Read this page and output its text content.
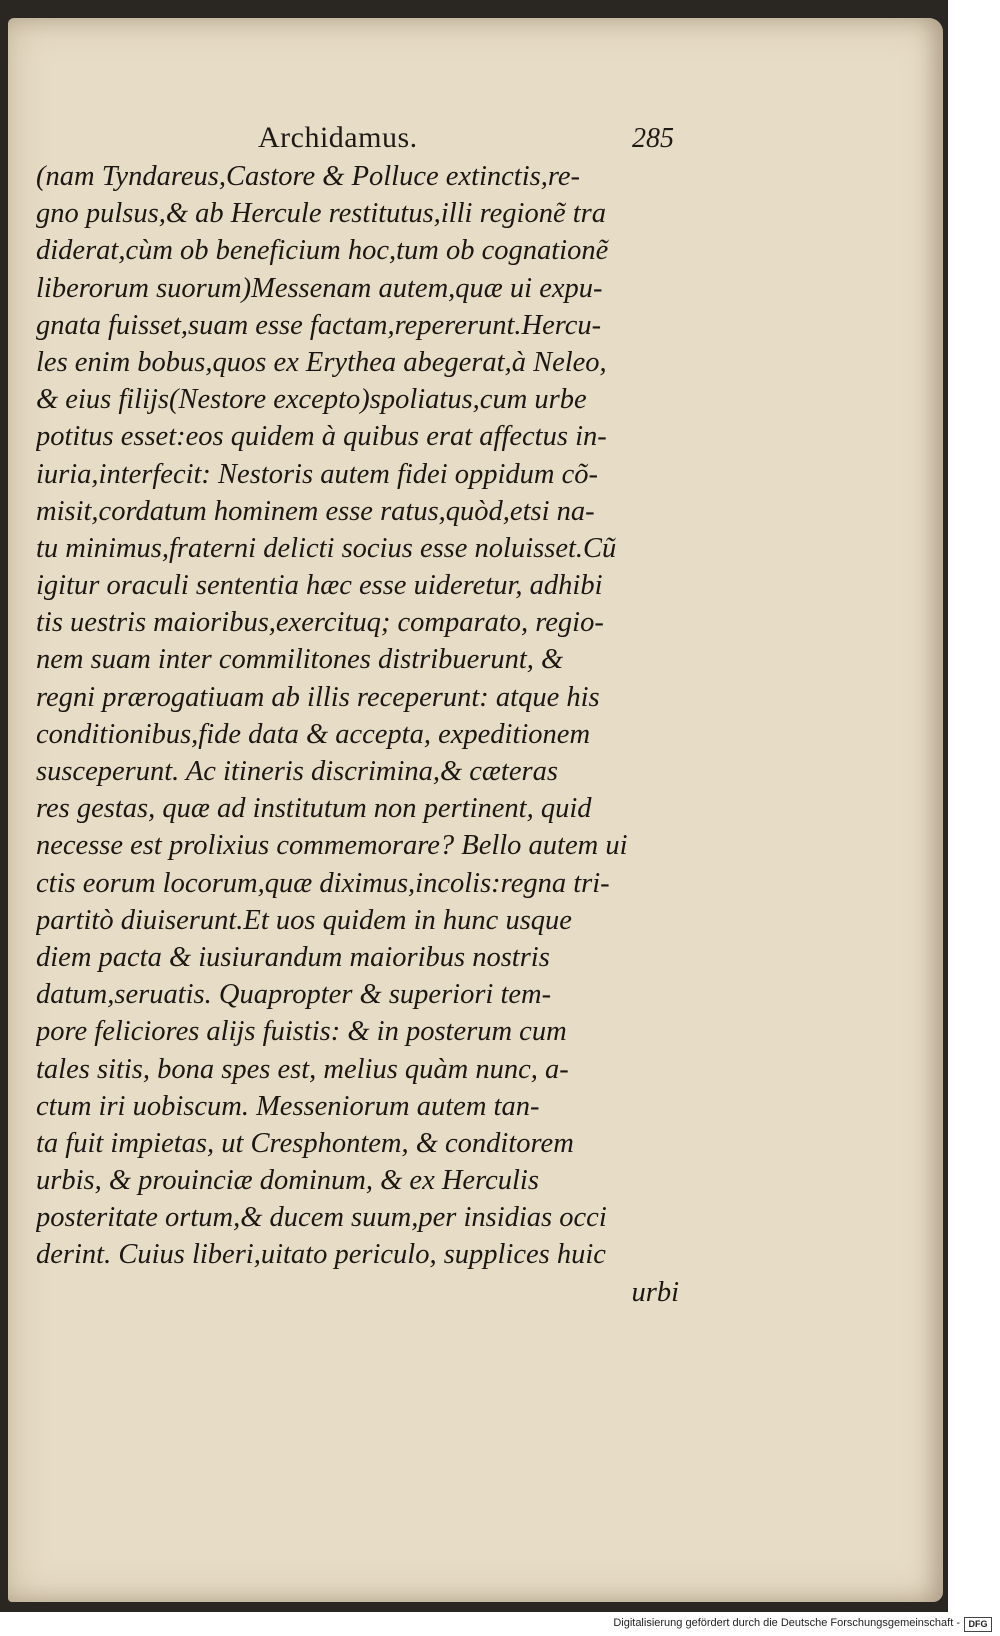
Archidamus.	285
(nam Tyndareus,Castore & Polluce extinctis,re-
gno pulsus,& ab Hercule restitutus,illi regionẽ tra
diderat,cùm ob beneficium hoc,tum ob cognationẽ
liberorum suorum)Messenam autem,quæ ui expu-
gnata fuisset,suam esse factam,repererunt.Hercu-
les enim bobus,quos ex Erythea abegerat,à Neleo,
& eius filijs(Nestore excepto)spoliatus,cum urbe
potitus esset:eos quidem à quibus erat affectus in-
iuria,interfecit: Nestoris autem fidei oppidum cõ-
misit,cordatum hominem esse ratus,quòd,etsi na-
tu minimus,fraterni delicti socius esse noluisset.Cũ
igitur oraculi sententia hæc esse uideretur, adhibi
tis uestris maioribus,exercituq; comparato, regio-
nem suam inter commilitones distribuerunt, &
regni prærogatiuam ab illis receperunt: atque his
conditionibus,fide data & accepta, expeditionem
susceperunt. Ac itineris discrimina,& cæteras
res gestas, quæ ad institutum non pertinent, quid
necesse est prolixius commemorare? Bello autem ui
ctis eorum locorum,quæ diximus,incolis:regna tri-
partitò diuiserunt.Et uos quidem in hunc usque
diem pacta & iusiurandum maioribus nostris
datum,seruatis. Quapropter & superiori tem-
pore feliciores alijs fuistis: & in posterum cum
tales sitis, bona spes est, melius quàm nunc, a-
ctum iri uobiscum. Messeniorum autem tan-
ta fuit impietas, ut Cresphontem, & conditorem
urbis, & prouinciæ dominum, & ex Herculis
posteritate ortum,& ducem suum,per insidias occi
derint. Cuius liberi,uitato periculo, supplices huic
urbi
Digitalisierung gefördert durch die Deutsche Forschungsgemeinschaft - DFG
